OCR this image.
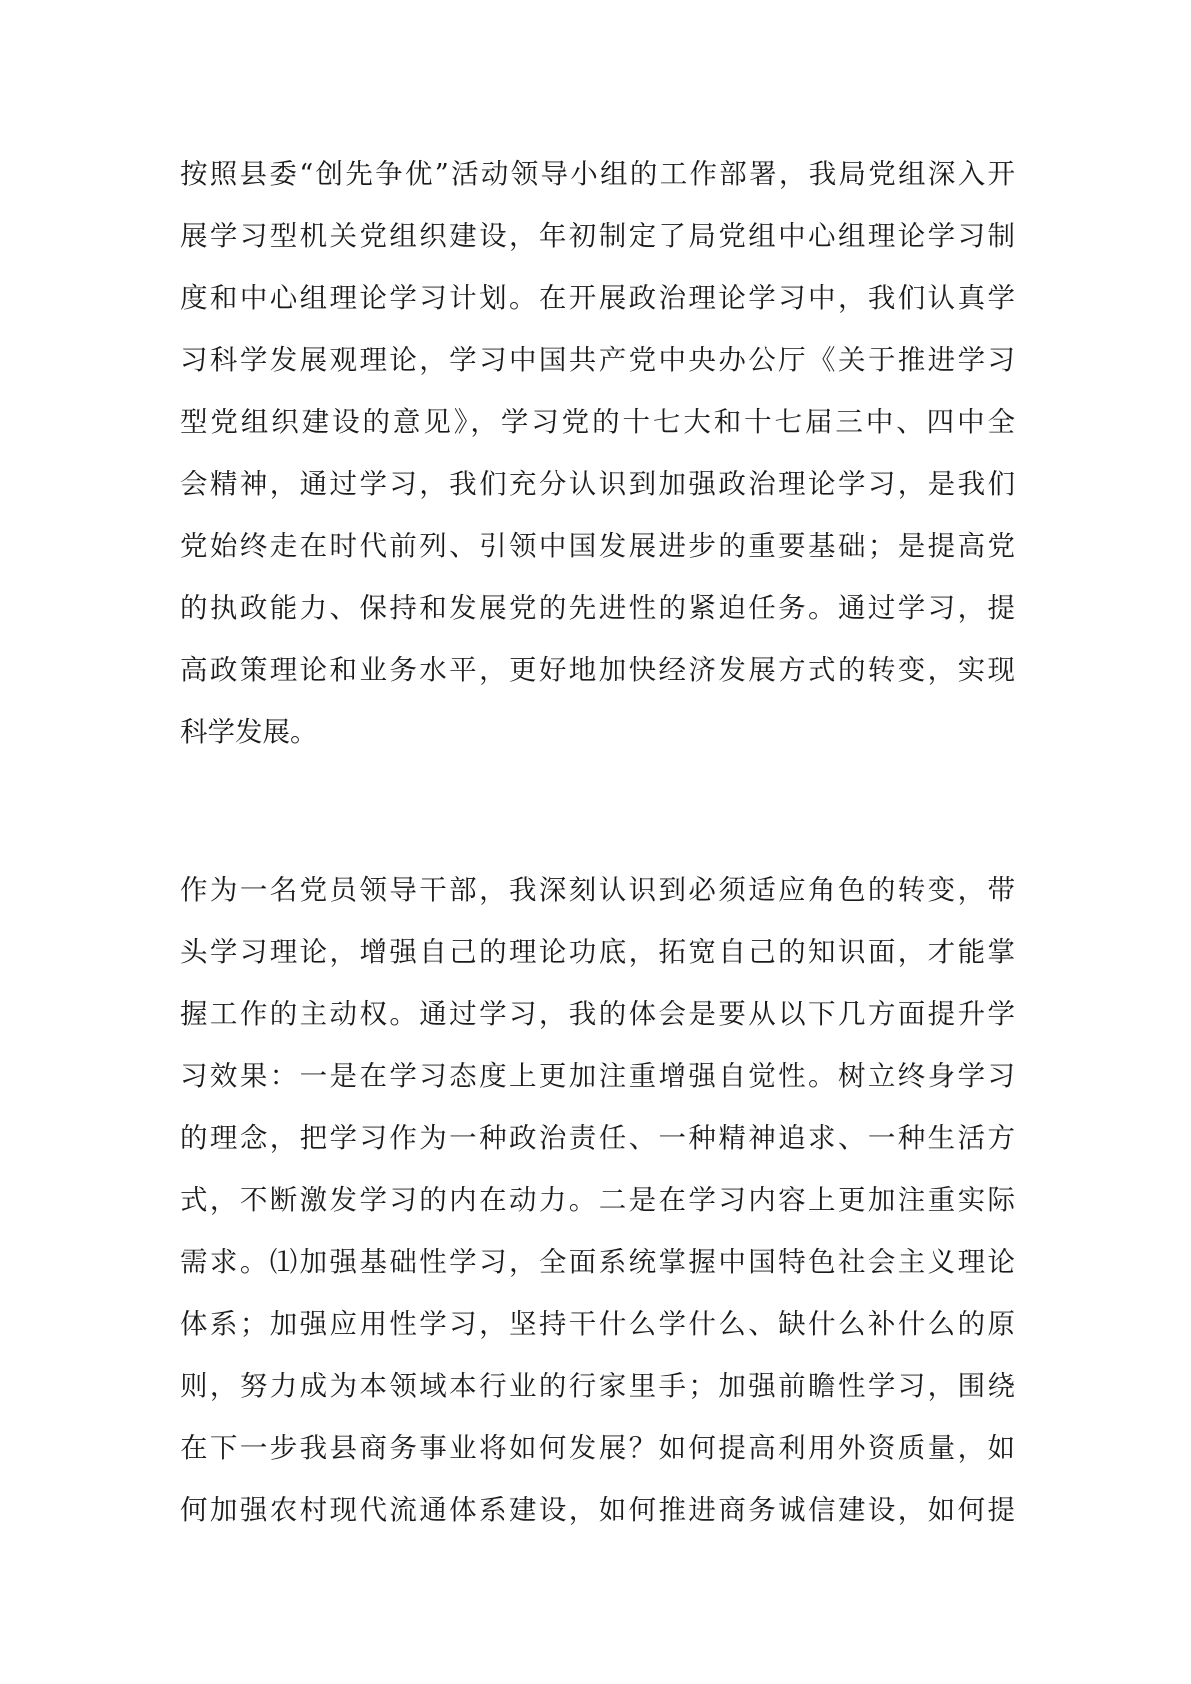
按照县委“创先争优”活动领导小组的工作部署，我局党组深入开
展学习型机关党组织建设，年初制定了局党组中心组理论学习制
度和中心组理论学习计划。在开展政治理论学习中，我们认真学
习科学发展观理论，学习中国共产党中央办公厅《关于推进学习
型党组织建设的意见》，学习党的十七大和十七届三中、四中全
会精神，通过学习，我们充分认识到加强政治理论学习，是我们
党始终走在时代前列、引领中国发展进步的重要基础；是提高党
的执政能力、保持和发展党的先进性的紧迫任务。通过学习，提
高政策理论和业务水平，更好地加快经济发展方式的转变，实现
科学发展。
作为一名党员领导干部，我深刻认识到必须适应角色的转变，带
头学习理论，增强自己的理论功底，拓宽自己的知识面，才能掌
握工作的主动权。通过学习，我的体会是要从以下几方面提升学
习效果：一是在学习态度上更加注重增强自觉性。树立终身学习
的理念，把学习作为一种政治责任、一种精神追求、一种生活方
式，不断激发学习的内在动力。二是在学习内容上更加注重实际
需求。⑴加强基础性学习，全面系统掌握中国特色社会主义理论
体系；加强应用性学习，坚持干什么学什么、缺什么补什么的原
则，努力成为本领域本行业的行家里手；加强前瞻性学习，围绕
在下一步我县商务事业将如何发展？如何提高利用外资质量，如
何加强农村现代流通体系建设，如何推进商务诚信建设，如何提
